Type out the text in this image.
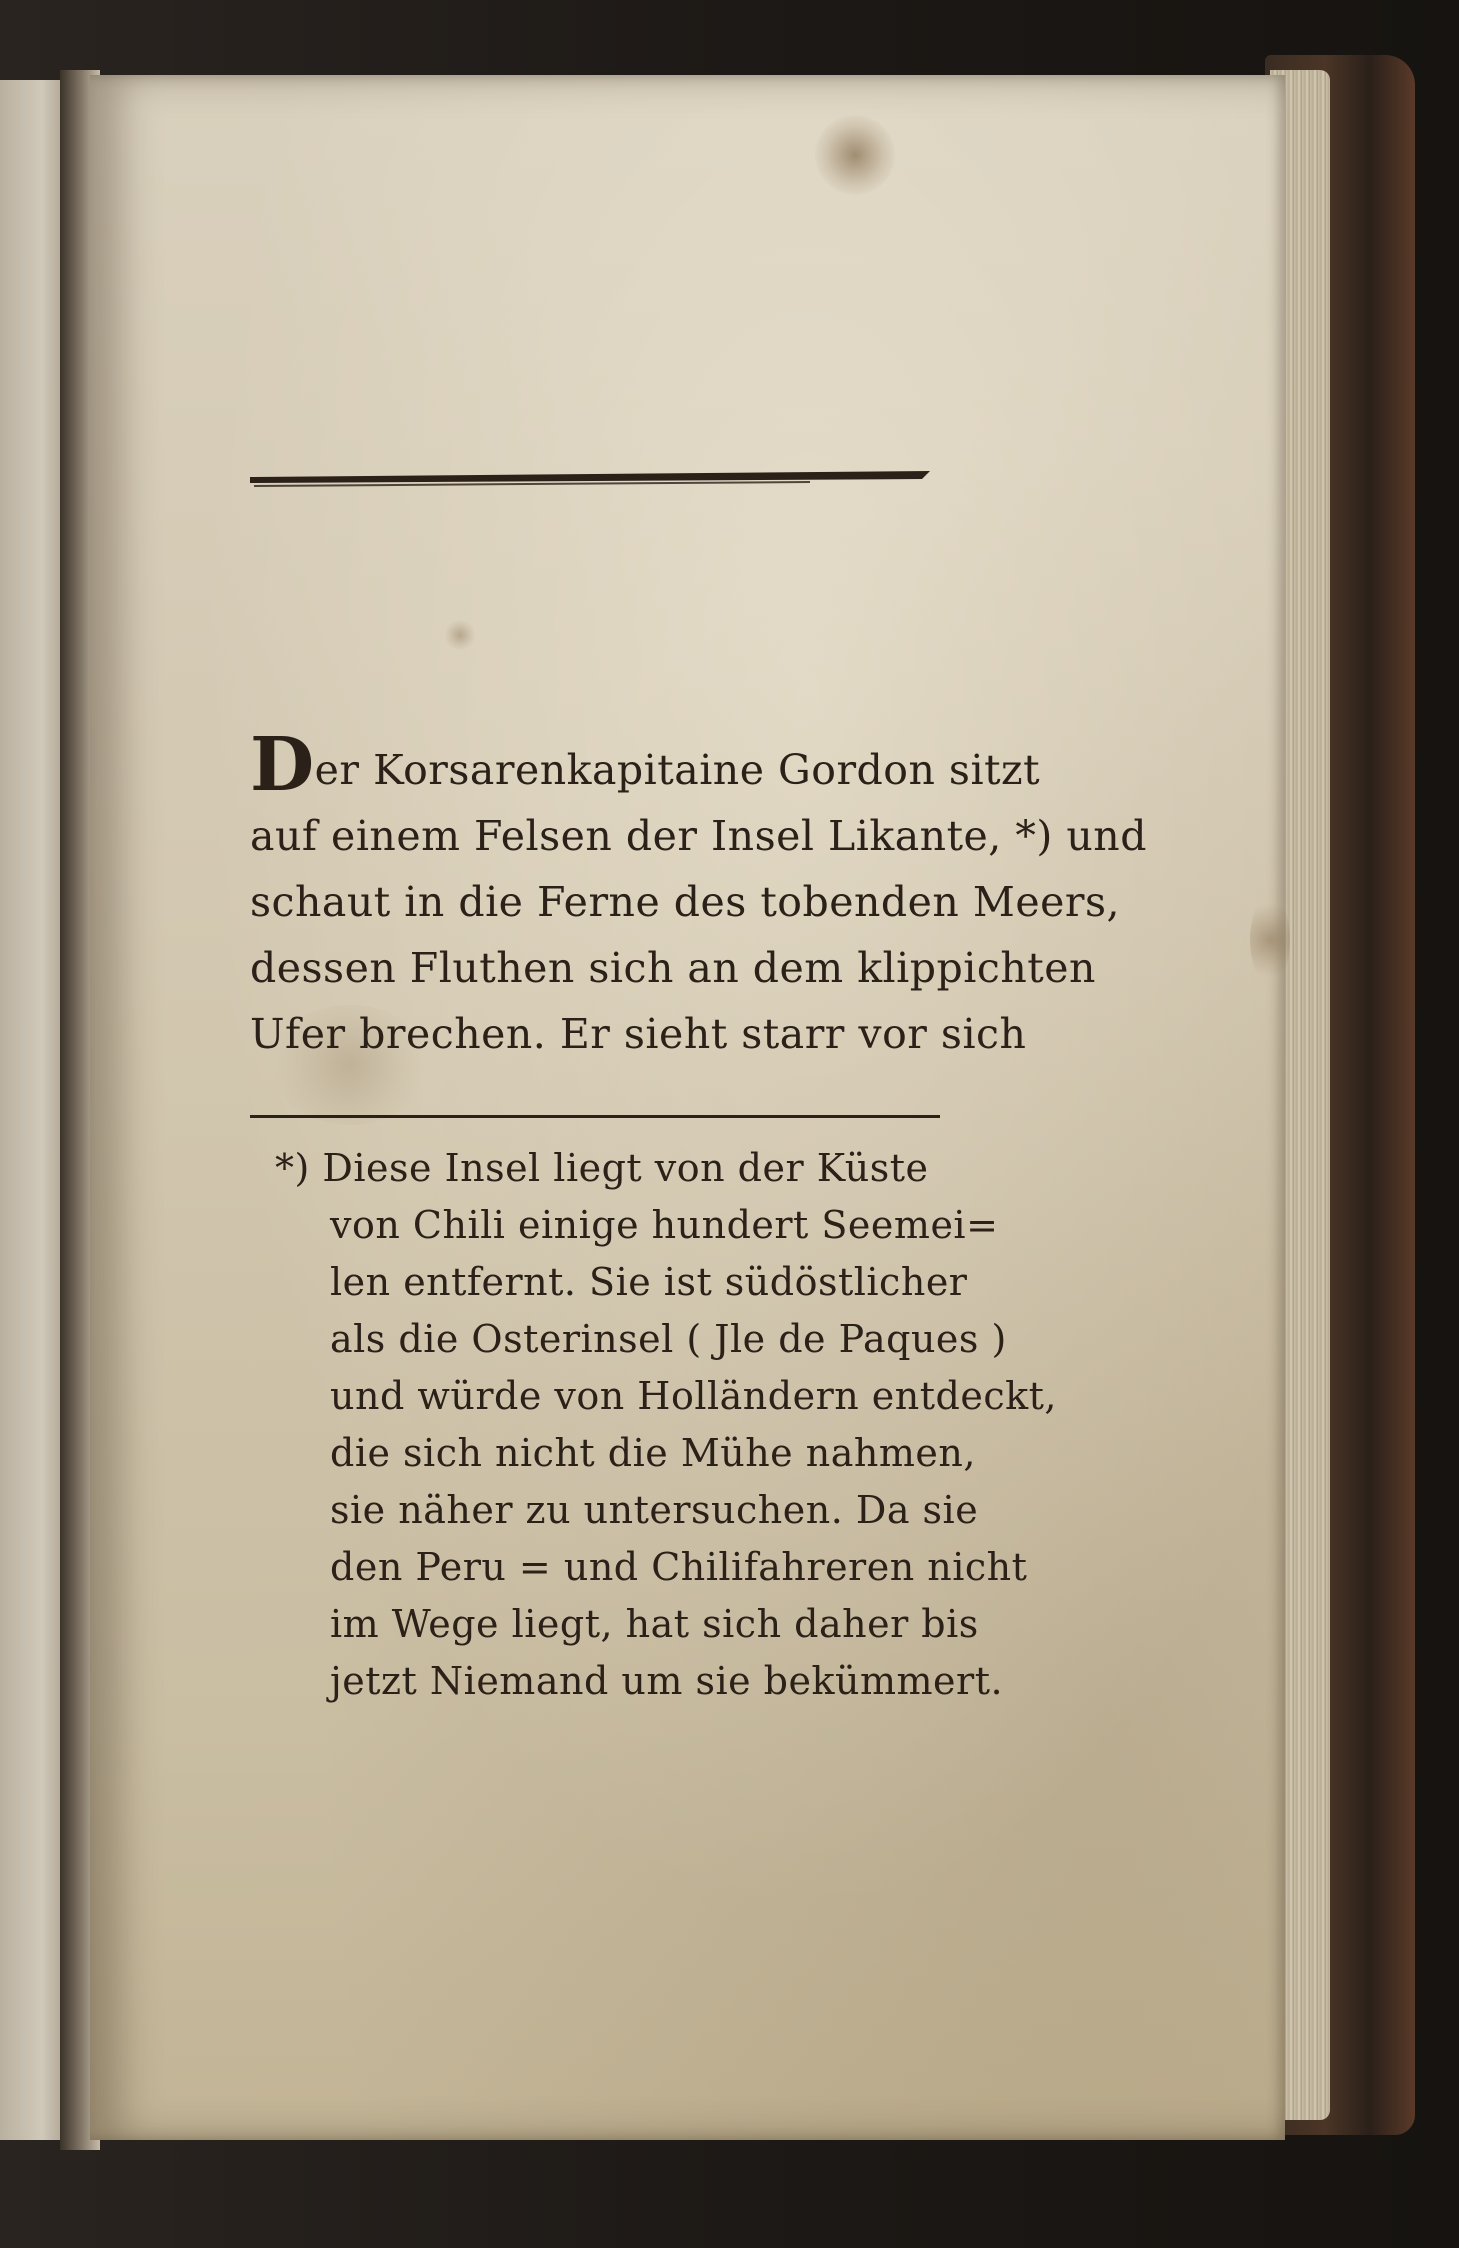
Der Korsarenkapitaine Gordon sitzt
auf einem Felsen der Insel Likante, *) und
schaut in die Ferne des tobenden Meers,
dessen Fluthen sich an dem klippichten
Ufer brechen. Er sieht starr vor sich
*) Diese Insel liegt von der Küste
von Chili einige hundert Seemei=
len entfernt. Sie ist südöstlicher
als die Osterinsel ( Jle de Paques )
und würde von Holländern entdeckt,
die sich nicht die Mühe nahmen,
sie näher zu untersuchen. Da sie
den Peru = und Chilifahreren nicht
im Wege liegt, hat sich daher bis
jetzt Niemand um sie bekümmert.
